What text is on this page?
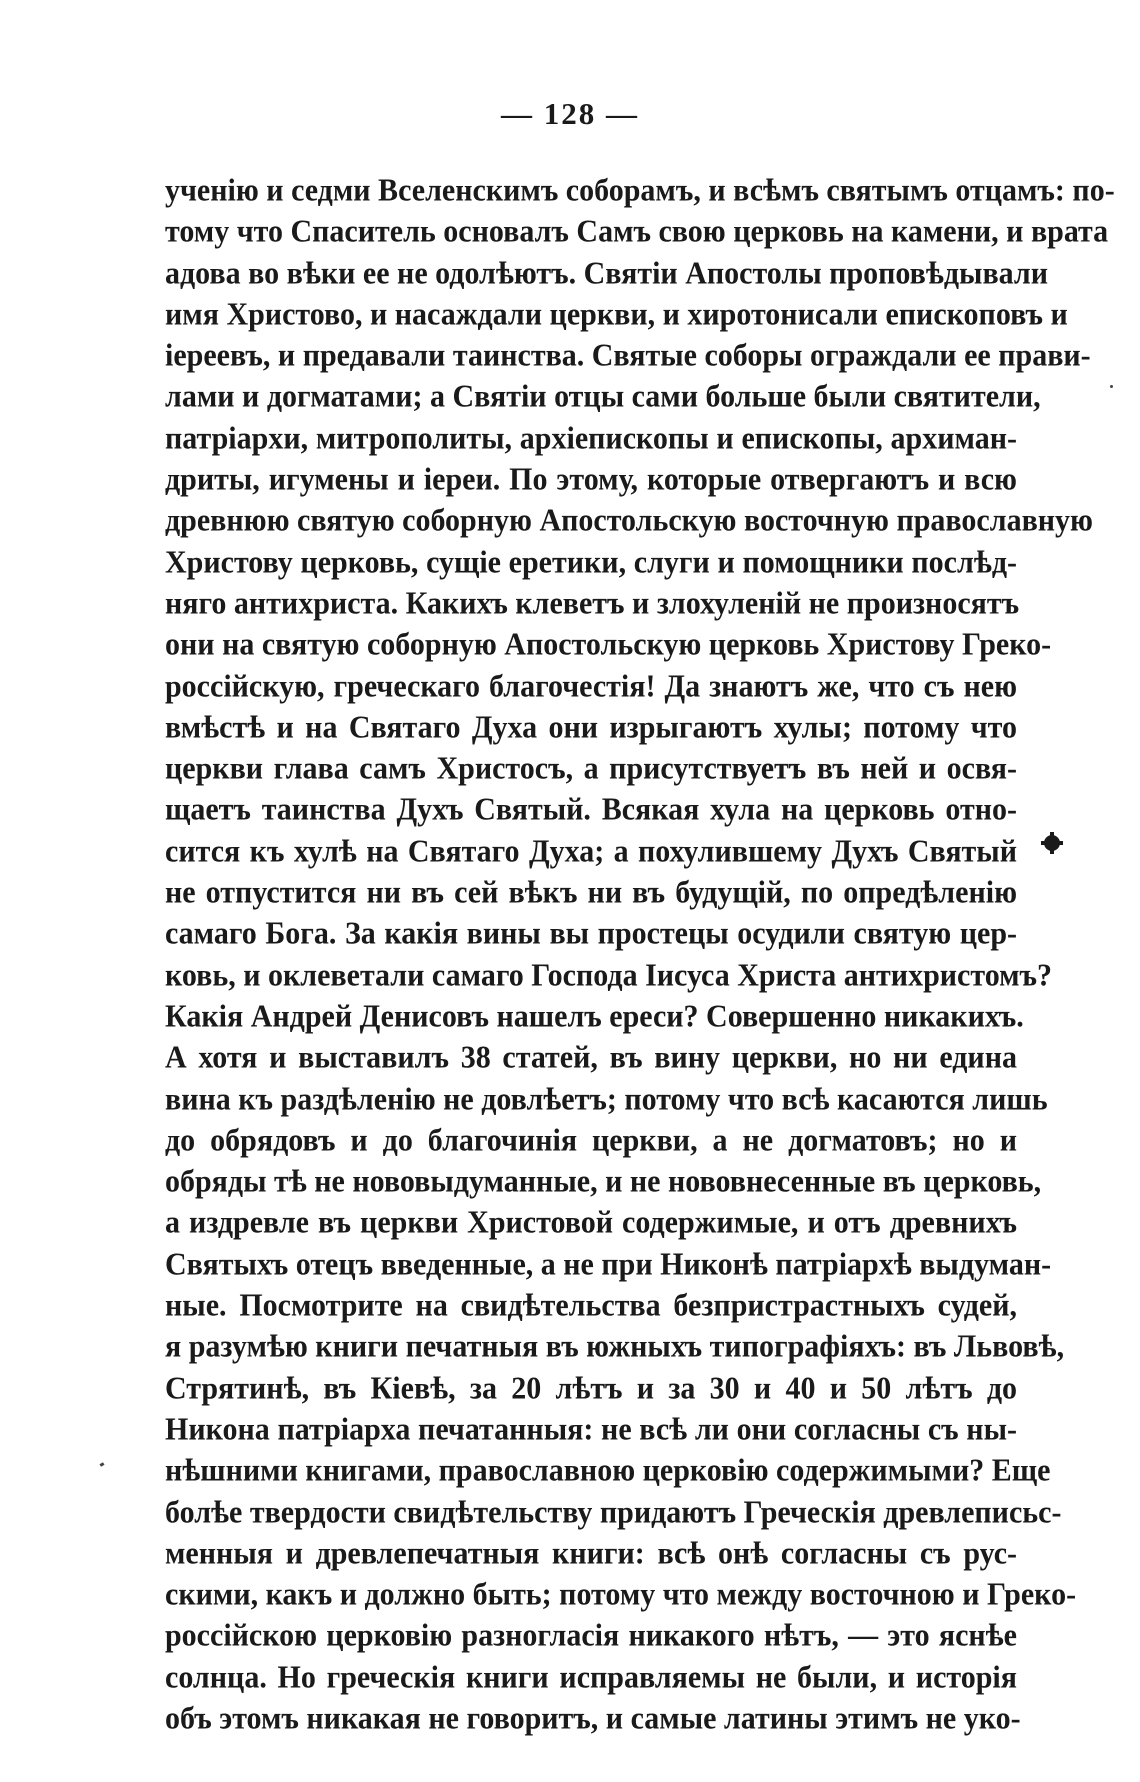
— 128 —
ученію и седми Вселенскимъ соборамъ, и всѣмъ святымъ отцамъ: по-
тому что Спаситель основалъ Самъ свою церковь на камени, и врата
адова во вѣки ее не одолѣютъ. Святіи Апостолы проповѣдывали
имя Христово, и насаждали церкви, и хиротонисали епископовъ и
іереевъ, и предавали таинства. Святые соборы ограждали ее прави-
лами и догматами; а Святіи отцы сами больше были святители,
патріархи, митрополиты, архіепископы и епископы, архиман-
дриты, игумены и іереи. По этому, которые отвергаютъ и всю
древнюю святую соборную Апостольскую восточную православную
Христову церковь, сущіе еретики, слуги и помощники послѣд-
няго антихриста. Какихъ клеветъ и злохуленій не произносятъ
они на святую соборную Апостольскую церковь Христову Греко-
россійскую, греческаго благочестія! Да знаютъ же, что съ нею
вмѣстѣ и на Святаго Духа они изрыгаютъ хулы; потому что
церкви глава самъ Христосъ, а присутствуетъ въ ней и освя-
щаетъ таинства Духъ Святый. Всякая хула на церковь отно-
сится къ хулѣ на Святаго Духа; а похулившему Духъ Святый
не отпустится ни въ сей вѣкъ ни въ будущій, по опредѣленію
самаго Бога. За какія вины вы простецы осудили святую цер-
ковь, и оклеветали самаго Господа Іисуса Христа антихристомъ?
Какія Андрей Денисовъ нашелъ ереси? Совершенно никакихъ.
А хотя и выставилъ 38 статей, въ вину церкви, но ни едина
вина къ раздѣленію не довлѣетъ; потому что всѣ касаются лишь
до обрядовъ и до благочинія церкви, а не догматовъ; но и
обряды тѣ не нововыдуманные, и не нововнесенные въ церковь,
а издревле въ церкви Христовой содержимые, и отъ древнихъ
Святыхъ отецъ введенные, а не при Никонѣ патріархѣ выдуман-
ные. Посмотрите на свидѣтельства безпристрастныхъ судей,
я разумѣю книги печатныя въ южныхъ типографіяхъ: въ Львовѣ,
Стрятинѣ, въ Кіевѣ, за 20 лѣтъ и за 30 и 40 и 50 лѣтъ до
Никона патріарха печатанныя: не всѣ ли они согласны съ ны-
нѣшними книгами, православною церковію содержимыми? Еще
болѣе твердости свидѣтельству придаютъ Греческія древлеписьс-
менныя и древлепечатныя книги: всѣ онѣ согласны съ рус-
скими, какъ и должно быть; потому что между восточною и Греко-
россійскою церковію разногласія никакого нѣтъ, — это яснѣе
солнца. Но греческія книги исправляемы не были, и исторія
объ этомъ никакая не говоритъ, и самые латины этимъ не уко-
